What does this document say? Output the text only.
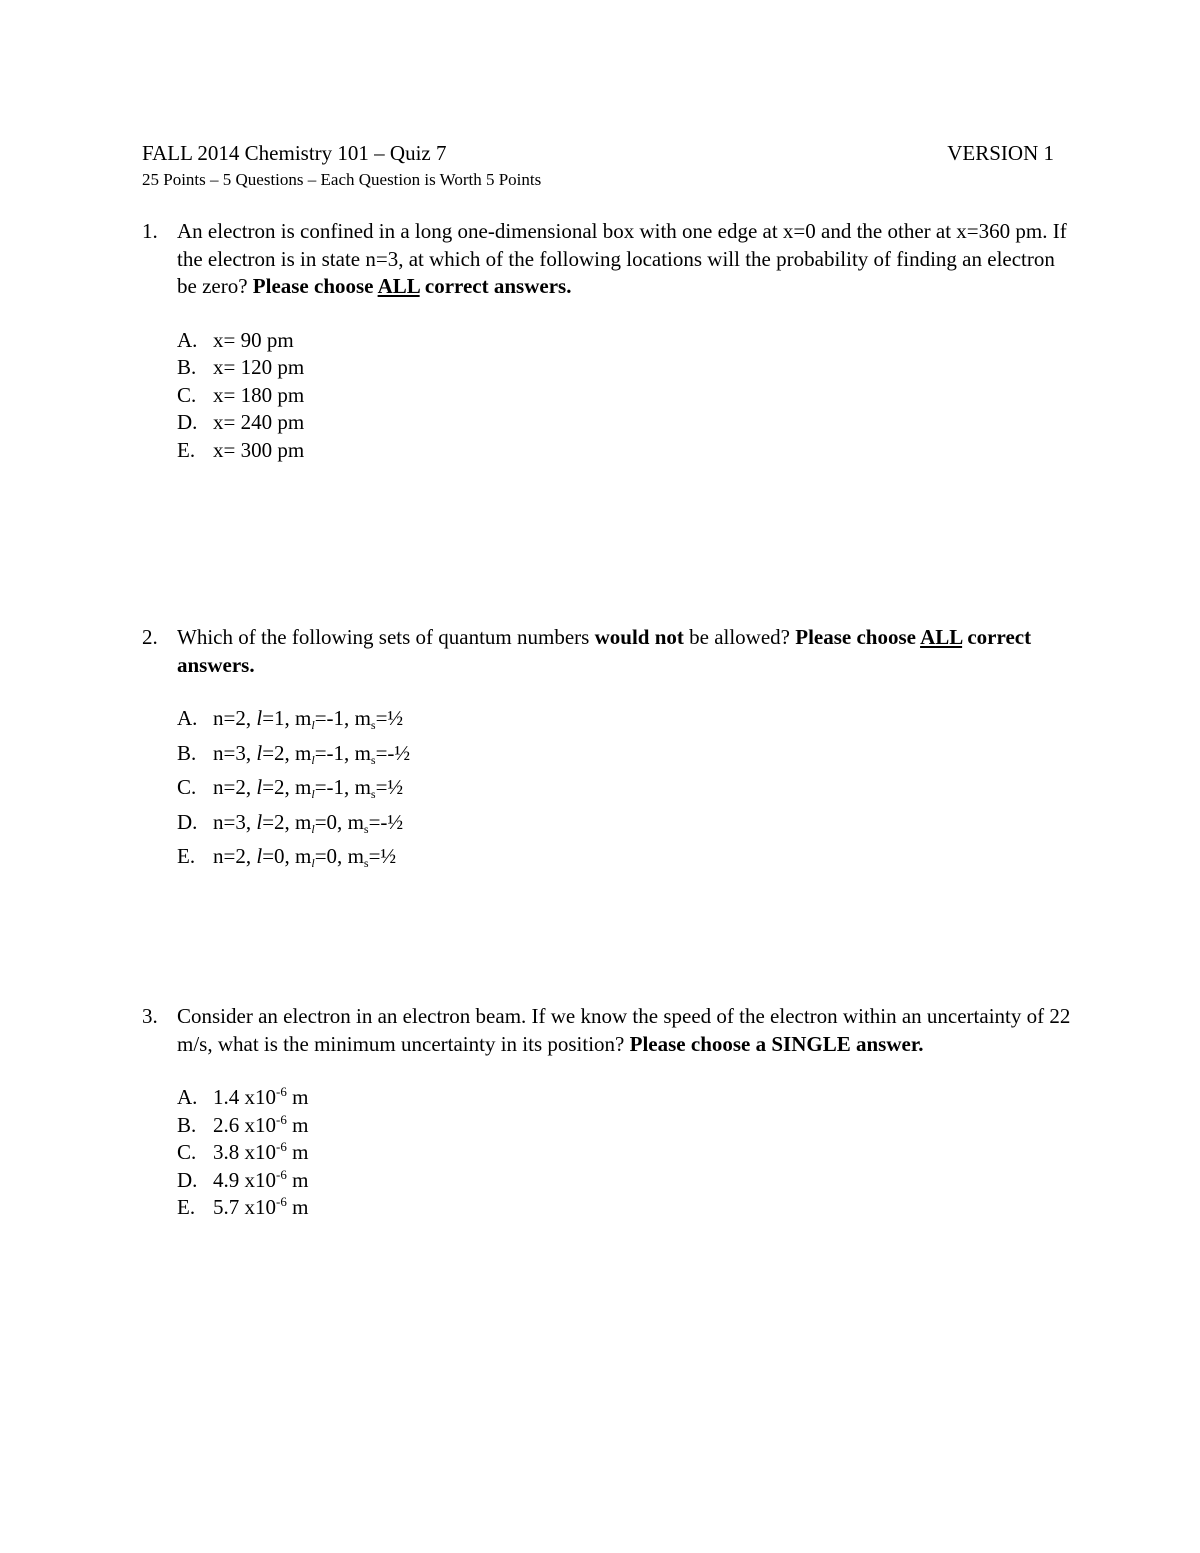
FALL 2014 Chemistry 101 – Quiz 7	VERSION 1
25 Points – 5 Questions – Each Question is Worth 5 Points
1. An electron is confined in a long one-dimensional box with one edge at x=0 and the other at x=360 pm. If the electron is in state n=3, at which of the following locations will the probability of finding an electron be zero? Please choose ALL correct answers.
A. x= 90 pm
B. x= 120 pm
C. x= 180 pm
D. x= 240 pm
E. x= 300 pm
2. Which of the following sets of quantum numbers would not be allowed? Please choose ALL correct answers.
A. n=2, l=1, $m_l=-1$, $m_s=\frac{1}{2}$
B. n=3, l=2, $m_l=-1$, $m_s=-\frac{1}{2}$
C. n=2, l=2, $m_l=-1$, $m_s=\frac{1}{2}$
D. n=3, l=2, $m_l=0$, $m_s=-\frac{1}{2}$
E. n=2, l=0, $m_l=0$, $m_s=\frac{1}{2}$
3. Consider an electron in an electron beam. If we know the speed of the electron within an uncertainty of 22 m/s, what is the minimum uncertainty in its position? Please choose a SINGLE answer.
A. 1.4 $x10^{-6}$ m
B. 2.6 $x10^{-6}$ m
C. 3.8 $x10^{-6}$ m
D. 4.9 $x10^{-6}$ m
E. 5.7 $x10^{-6}$ m
